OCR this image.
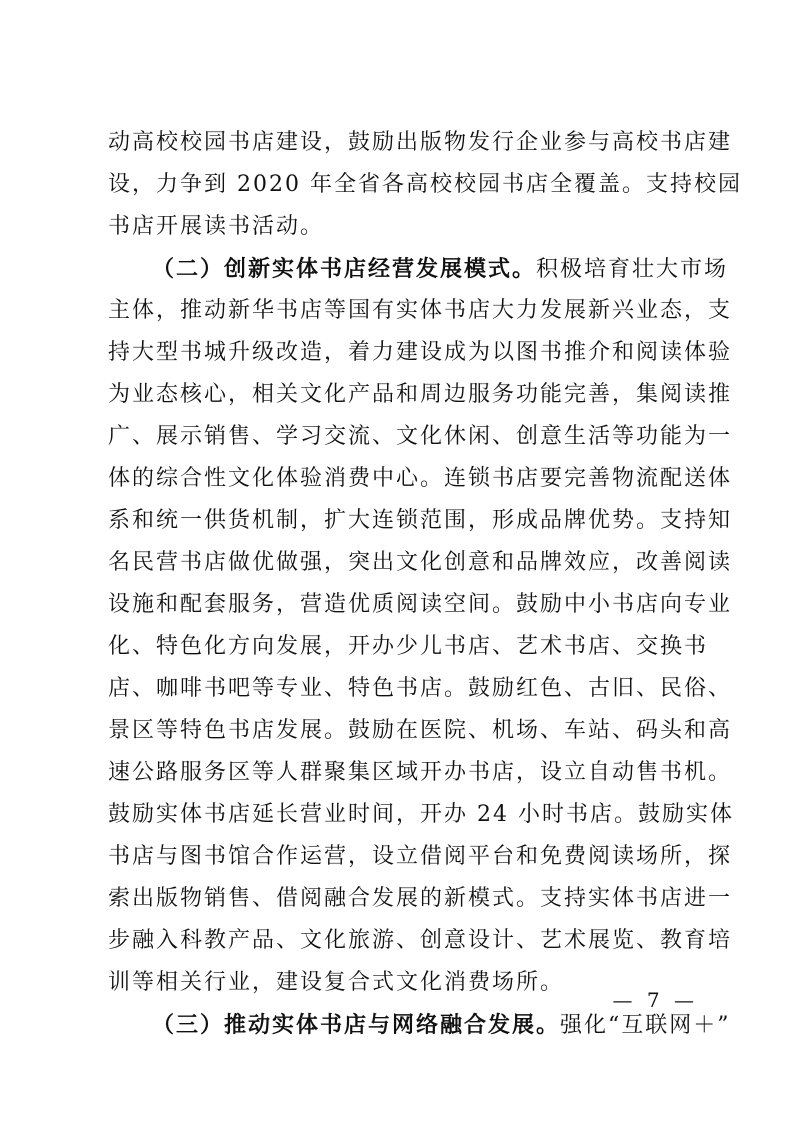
动高校校园书店建设，鼓励出版物发行企业参与高校书店建
设，力争到 2020 年全省各高校校园书店全覆盖。支持校园
书店开展读书活动。
（二）创新实体书店经营发展模式。积极培育壮大市场
主体，推动新华书店等国有实体书店大力发展新兴业态，支
持大型书城升级改造，着力建设成为以图书推介和阅读体验
为业态核心，相关文化产品和周边服务功能完善，集阅读推
广、展示销售、学习交流、文化休闲、创意生活等功能为一
体的综合性文化体验消费中心。连锁书店要完善物流配送体
系和统一供货机制，扩大连锁范围，形成品牌优势。支持知
名民营书店做优做强，突出文化创意和品牌效应，改善阅读
设施和配套服务，营造优质阅读空间。鼓励中小书店向专业
化、特色化方向发展，开办少儿书店、艺术书店、交换书
店、咖啡书吧等专业、特色书店。鼓励红色、古旧、民俗、
景区等特色书店发展。鼓励在医院、机场、车站、码头和高
速公路服务区等人群聚集区域开办书店，设立自动售书机。
鼓励实体书店延长营业时间，开办 24 小时书店。鼓励实体
书店与图书馆合作运营，设立借阅平台和免费阅读场所，探
索出版物销售、借阅融合发展的新模式。支持实体书店进一
步融入科教产品、文化旅游、创意设计、艺术展览、教育培
训等相关行业，建设复合式文化消费场所。
（三）推动实体书店与网络融合发展。强化“互联网＋”
— 7 —
